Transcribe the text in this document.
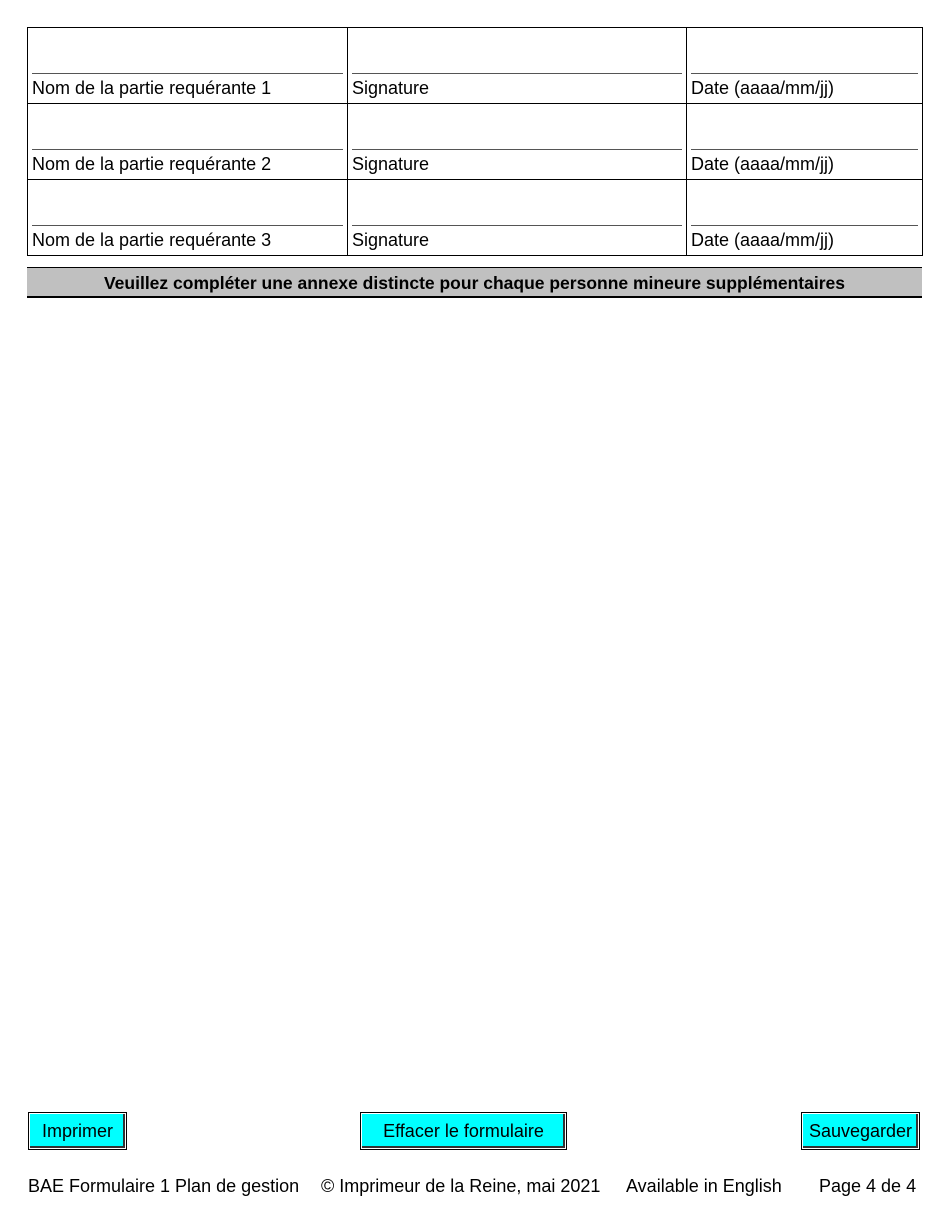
Nom de la partie requérante 1	Signature	Date (aaaa/mm/jj)

Nom de la partie requérante 2	Signature	Date (aaaa/mm/jj)

Nom de la partie requérante 3	Signature	Date (aaaa/mm/jj)
Veuillez compléter une annexe distincte pour chaque personne mineure supplémentaires
Imprimer	Effacer le formulaire	Sauvegarder
BAE Formulaire 1 Plan de gestion © Imprimeur de la Reine, mai 2021 Available in English Page 4 de 4
